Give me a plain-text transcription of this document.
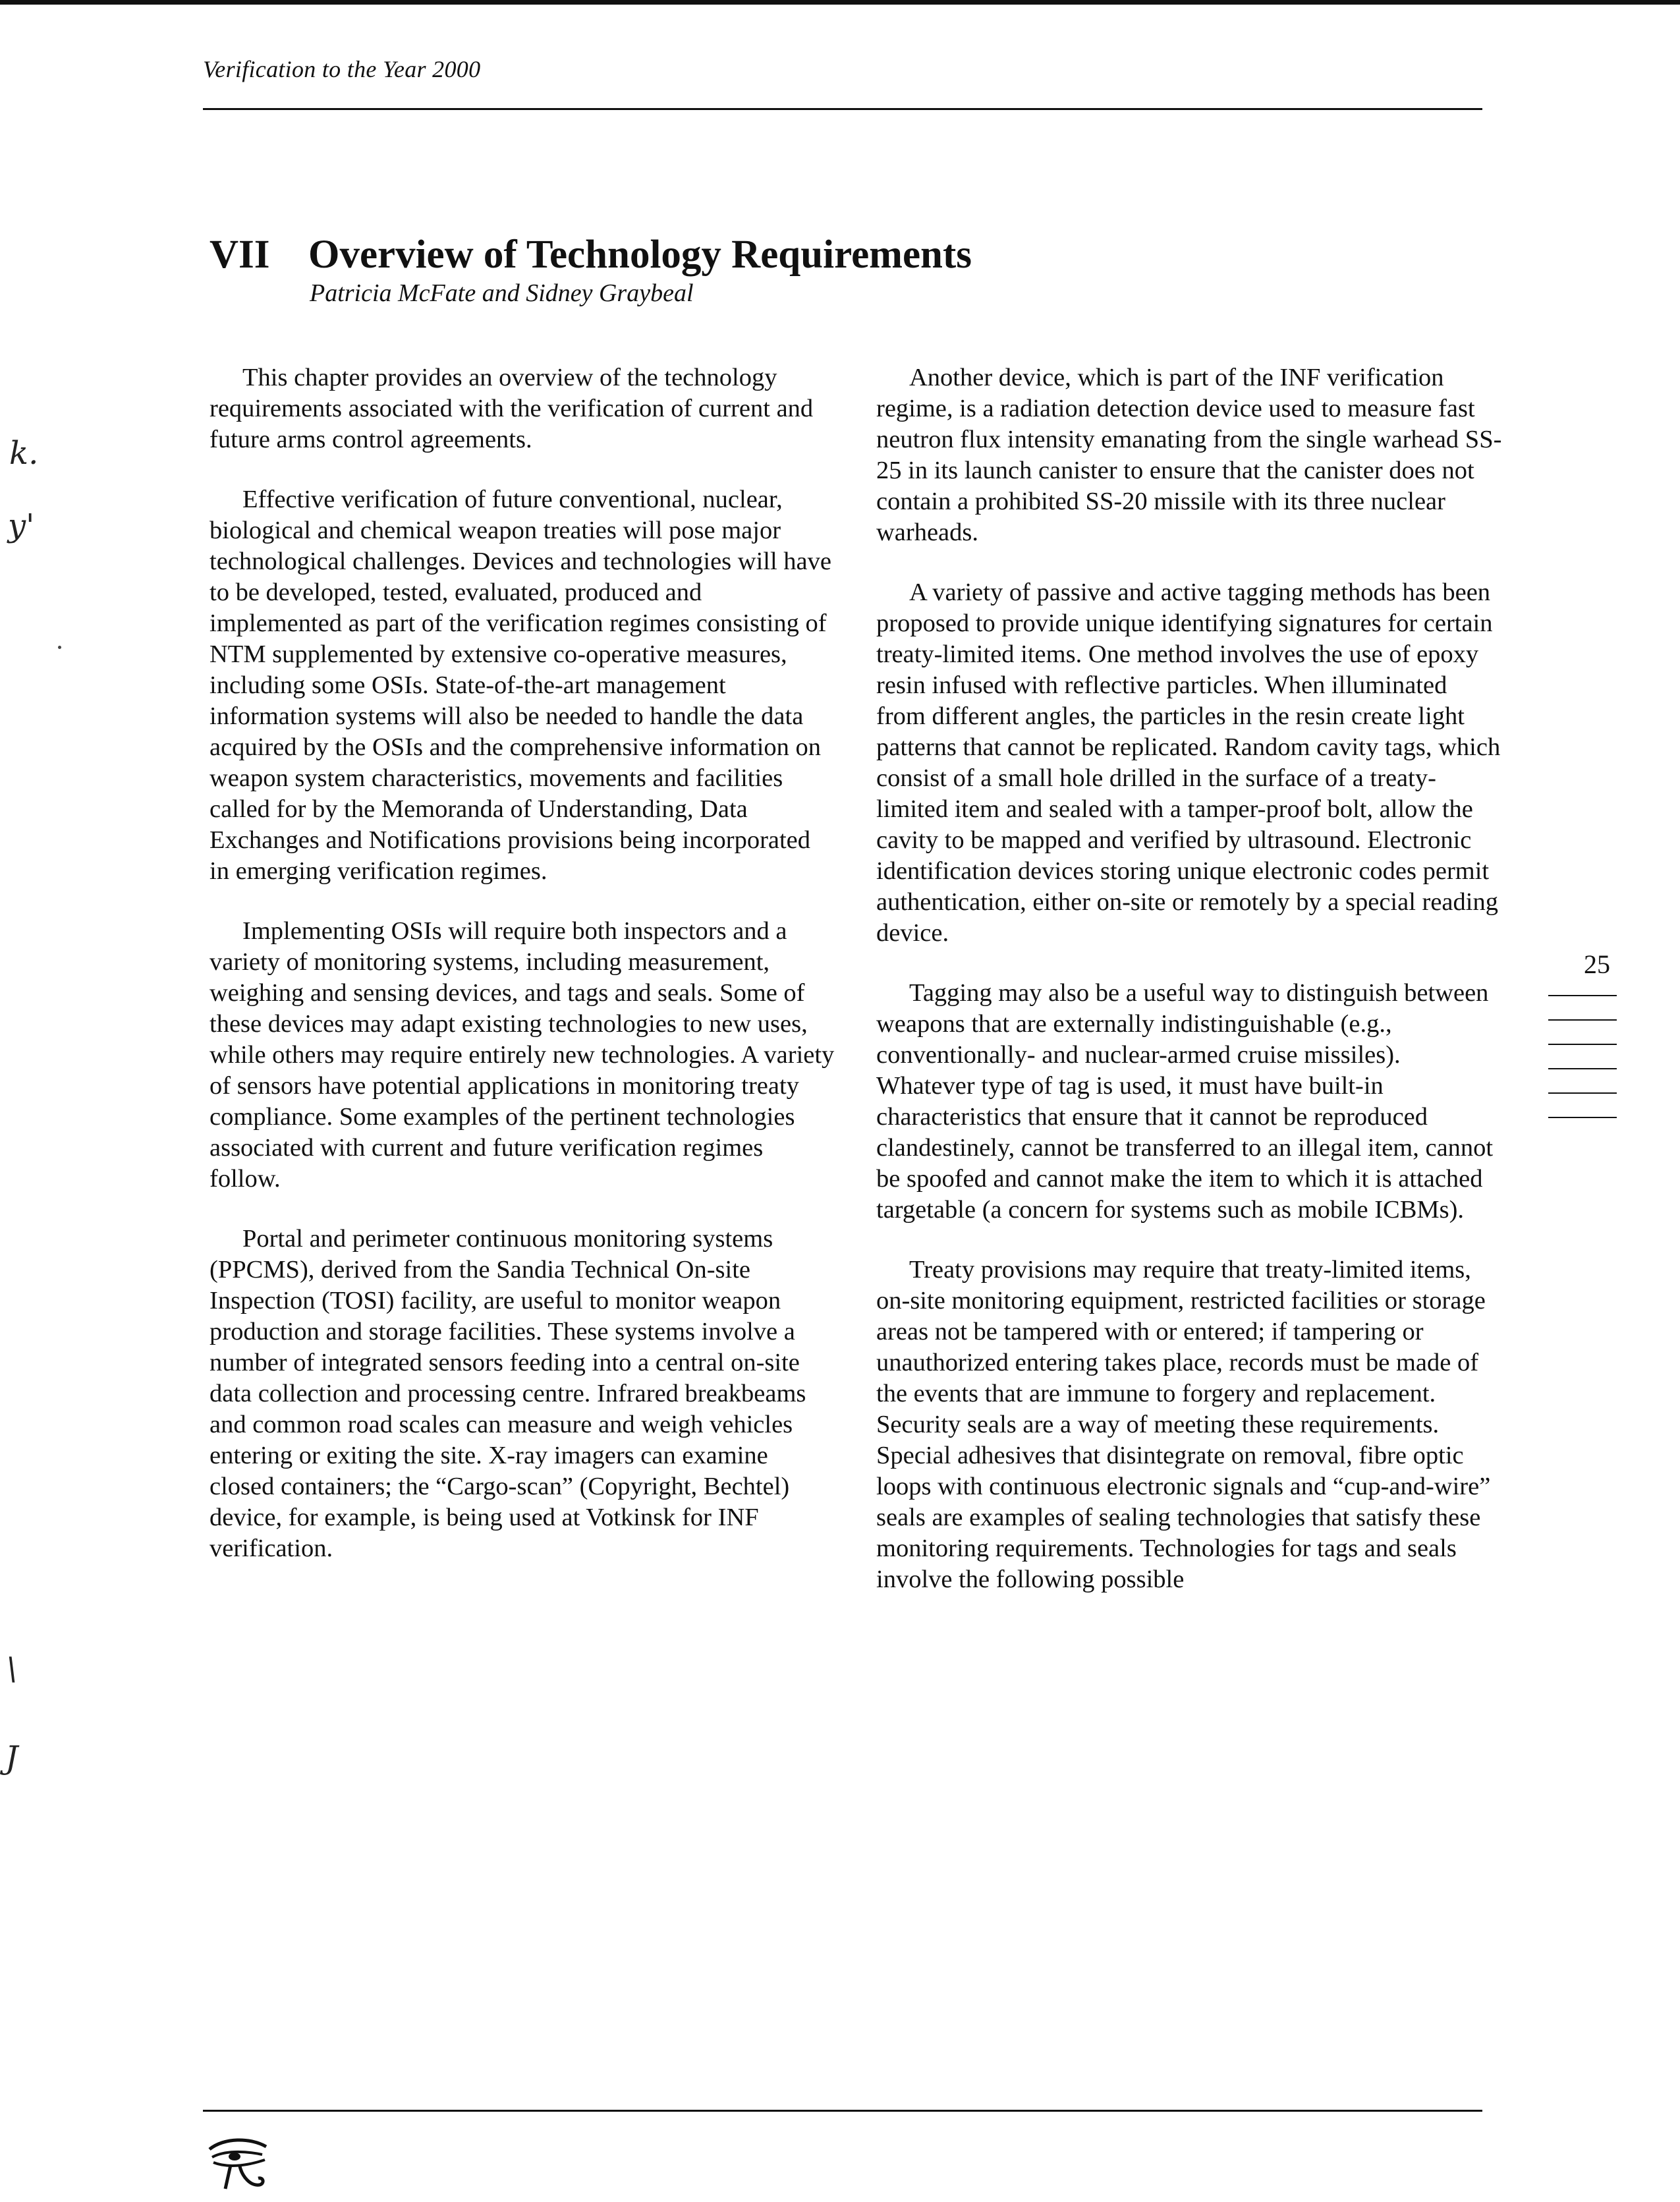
Verification to the Year 2000
VII Overview of Technology Requirements
Patricia McFate and Sidney Graybeal

This chapter provides an overview of the technology requirements associated with the verification of current and future arms control agreements.

Effective verification of future conventional, nuclear, biological and chemical weapon treaties will pose major technological challenges. Devices and technologies will have to be developed, tested, evaluated, produced and implemented as part of the verification regimes consisting of NTM supplemented by extensive co-operative measures, including some OSIs. State-of-the-art management information systems will also be needed to handle the data acquired by the OSIs and the comprehensive information on weapon system characteristics, movements and facilities called for by the Memoranda of Understanding, Data Exchanges and Notifications provisions being incorporated in emerging verification regimes.

Implementing OSIs will require both inspectors and a variety of monitoring systems, including measurement, weighing and sensing devices, and tags and seals. Some of these devices may adapt existing technologies to new uses, while others may require entirely new technologies. A variety of sensors have potential applications in monitoring treaty compliance. Some examples of the pertinent technologies associated with current and future verification regimes follow.

Portal and perimeter continuous monitoring systems (PPCMS), derived from the Sandia Technical On-site Inspection (TOSI) facility, are useful to monitor weapon production and storage facilities. These systems involve a number of integrated sensors feeding into a central on-site data collection and processing centre. Infrared breakbeams and common road scales can measure and weigh vehicles entering or exiting the site. X-ray imagers can examine closed containers; the “Cargo-scan” (Copyright, Bechtel) device, for example, is being used at Votkinsk for INF verification.

Another device, which is part of the INF verification regime, is a radiation detection device used to measure fast neutron flux intensity emanating from the single warhead SS-25 in its launch canister to ensure that the canister does not contain a prohibited SS-20 missile with its three nuclear warheads.

A variety of passive and active tagging methods has been proposed to provide unique identifying signatures for certain treaty-limited items. One method involves the use of epoxy resin infused with reflective particles. When illuminated from different angles, the particles in the resin create light patterns that cannot be replicated. Random cavity tags, which consist of a small hole drilled in the surface of a treaty-limited item and sealed with a tamper-proof bolt, allow the cavity to be mapped and verified by ultrasound. Electronic identification devices storing unique electronic codes permit authentication, either on-site or remotely by a special reading device.

Tagging may also be a useful way to distinguish between weapons that are externally indistinguishable (e.g., conventionally- and nuclear-armed cruise missiles). Whatever type of tag is used, it must have built-in characteristics that ensure that it cannot be reproduced clandestinely, cannot be transferred to an illegal item, cannot be spoofed and cannot make the item to which it is attached targetable (a concern for systems such as mobile ICBMs).

Treaty provisions may require that treaty-limited items, on-site monitoring equipment, restricted facilities or storage areas not be tampered with or entered; if tampering or unauthorized entering takes place, records must be made of the events that are immune to forgery and replacement. Security seals are a way of meeting these requirements. Special adhesives that disintegrate on removal, fibre optic loops with continuous electronic signals and “cup-and-wire” seals are examples of sealing technologies that satisfy these monitoring requirements. Technologies for tags and seals involve the following possible

25
k.
y'
\
J
